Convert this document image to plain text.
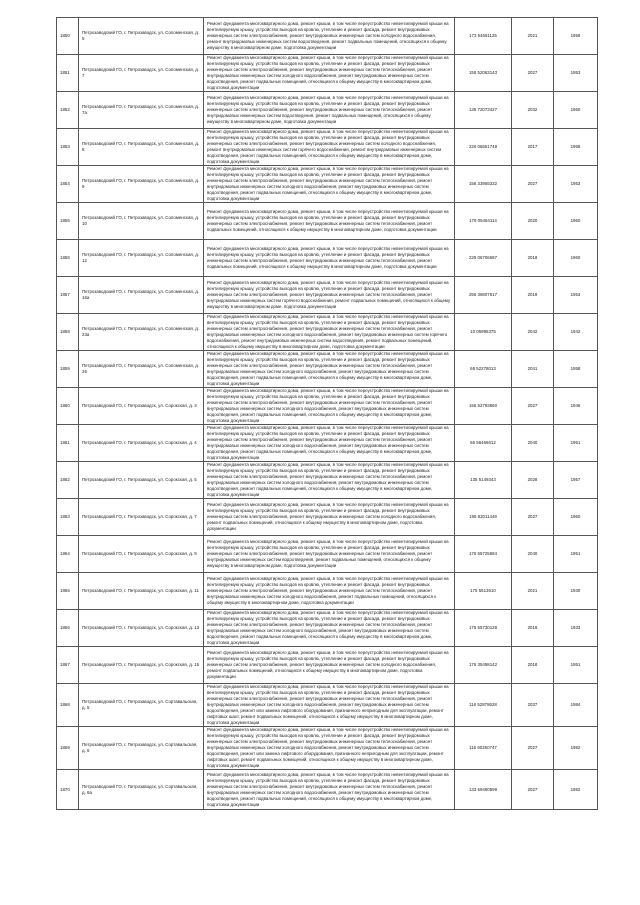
1850	Петрозаводский ГО, г. Петрозаводск, ул. Соломенская, д. 5	Ремонт фундамента многоквартирного дома, ремонт крыши, в том числе переустройство невентилируемой крыши на вентилируемую крышу, устройство выходов на кровлю, утепление и ремонт фасада, ремонт внутридомовых инженерных систем электроснабжения, ремонт внутридомовых инженерных систем холодного водоснабжения, ремонт внутридомовых инженерных систем водоотведения, ремонт подвальных помещений, относящихся к общему имуществу в многоквартирном доме, подготовка документации	173 54661125	2021	1959
1851	Петрозаводский ГО, г. Петрозаводск, ул. Соломенская, д. 7	Ремонт фундамента многоквартирного дома, ремонт крыши, в том числе переустройство невентилируемой крыши на вентилируемую крышу, устройство выходов на кровлю, утепление и ремонт фасада, ремонт внутридомовых инженерных систем электроснабжения, ремонт внутридомовых инженерных систем теплоснабжения, ремонт внутридомовых инженерных систем холодного водоснабжения, ремонт внутридомовых инженерных систем водоотведения, ремонт подвальных помещений, относящихся к общему имуществу в многоквартирном доме, подготовка документации	155 52063143	2027	1953
1852	Петрозаводский ГО, г. Петрозаводск, ул. Соломенская, д. 7а	Ремонт фундамента многоквартирного дома, ремонт крыши, в том числе переустройство невентилируемой крыши на вентилируемую крышу, устройство выходов на кровлю, утепление и ремонт фасада, ремонт внутридомовых инженерных систем электроснабжения, ремонт внутридомовых инженерных систем теплоснабжения, ремонт внутридомовых инженерных систем водоотведения, ремонт подвальных помещений, относящихся к общему имуществу в многоквартирном доме, подготовка документации	135 72073427	2032	1960
1853	Петрозаводский ГО, г. Петрозаводск, ул. Соломенская, д. 8	Ремонт фундамента многоквартирного дома, ремонт крыши, в том числе переустройство невентилируемой крыши на вентилируемую крышу, устройство выходов на кровлю, утепление и ремонт фасада, ремонт внутридомовых инженерных систем электроснабжения, ремонт внутридомовых инженерных систем холодного водоснабжения, ремонт внутридомовых инженерных систем горячего водоснабжения, ремонт внутридомовых инженерных систем водоотведения, ремонт подвальных помещений, относящихся к общему имуществу в многоквартирном доме, подготовка документации	226 06551748	2017	1958
1854	Петрозаводский ГО, г. Петрозаводск, ул. Соломенская, д. 9	Ремонт фундамента многоквартирного дома, ремонт крыши, в том числе переустройство невентилируемой крыши на вентилируемую крышу, устройство выходов на кровлю, утепление и ремонт фасада, ремонт внутридомовых инженерных систем электроснабжения, ремонт внутридомовых инженерных систем теплоснабжения, ремонт внутридомовых инженерных систем холодного водоснабжения, ремонт внутридомовых инженерных систем водоотведения, ремонт подвальных помещений, относящихся к общему имуществу в многоквартирном доме, подготовка документации	156 33955332	2027	1953
1855	Петрозаводский ГО, г. Петрозаводск, ул. Соломенская, д. 10	Ремонт фундамента многоквартирного дома, ремонт крыши, в том числе переустройство невентилируемой крыши на вентилируемую крышу, устройство выходов на кровлю, утепление и ремонт фасада, ремонт внутридомовых инженерных систем электроснабжения, ремонт внутридомовых инженерных систем теплоснабжения, ремонт подвальных помещений, относящихся к общему имуществу в многоквартирном доме, подготовка документации	176 05464114	2020	1960
1856	Петрозаводский ГО, г. Петрозаводск, ул. Соломенская, д. 12	Ремонт фундамента многоквартирного дома, ремонт крыши, в том числе переустройство невентилируемой крыши на вентилируемую крышу, устройство выходов на кровлю, утепление и ремонт фасада, ремонт внутридомовых инженерных систем электроснабжения, ремонт внутридомовых инженерных систем теплоснабжения, ремонт подвальных помещений, относящихся к общему имуществу в многоквартирном доме, подготовка документации	225 06706687	2018	1960
1857	Петрозаводский ГО, г. Петрозаводск, ул. Соломенская, д. 16а	Ремонт фундамента многоквартирного дома, ремонт крыши, в том числе переустройство невентилируемой крыши на вентилируемую крышу, устройство выходов на кровлю, утепление и ремонт фасада, ремонт внутридомовых инженерных систем электроснабжения, ремонт внутридомовых инженерных систем теплоснабжения, ремонт внутридомовых инженерных систем горячего водоснабжения, ремонт подвальных помещений, относящихся к общему имуществу в многоквартирном доме, подготовка документации	256 36807617	2019	1953
1858	Петрозаводский ГО, г. Петрозаводск, ул. Соломенская, д. 23а	Ремонт фундамента многоквартирного дома, ремонт крыши, в том числе переустройство невентилируемой крыши на вентилируемую крышу, устройство выходов на кровлю, утепление и ремонт фасада, ремонт внутридомовых инженерных систем электроснабжения, ремонт внутридомовых инженерных систем теплоснабжения, ремонт внутридомовых инженерных систем холодного водоснабжения, ремонт внутридомовых инженерных систем горячего водоснабжения, ремонт внутридомовых инженерных систем водоотведения, ремонт подвальных помещений, относящихся к общему имуществу в многоквартирном доме, подготовка документации	10 05995375	2042	1942
1859	Петрозаводский ГО, г. Петрозаводск, ул. Соломенская, д. 26	Ремонт фундамента многоквартирного дома, ремонт крыши, в том числе переустройство невентилируемой крыши на вентилируемую крышу, устройство выходов на кровлю, утепление и ремонт фасада, ремонт внутридомовых инженерных систем электроснабжения, ремонт внутридомовых инженерных систем теплоснабжения, ремонт внутридомовых инженерных систем холодного водоснабжения, ремонт внутридомовых инженерных систем водоотведения, ремонт подвальных помещений, относящихся к общему имуществу в многоквартирном доме, подготовка документации	68 52278013	2041	1958
1860	Петрозаводский ГО, г. Петрозаводск, ул. Сорокская, д. 3	Ремонт фундамента многоквартирного дома, ремонт крыши, в том числе переустройство невентилируемой крыши на вентилируемую крышу, устройство выходов на кровлю, утепление и ремонт фасада, ремонт внутридомовых инженерных систем электроснабжения, ремонт внутридомовых инженерных систем теплоснабжения, ремонт внутридомовых инженерных систем холодного водоснабжения, ремонт внутридомовых инженерных систем водоотведения, ремонт подвальных помещений, относящихся к общему имуществу в многоквартирном доме, подготовка документации	155 52793660	2027	1946
1861	Петрозаводский ГО, г. Петрозаводск, ул. Сорокская, д. 4	Ремонт фундамента многоквартирного дома, ремонт крыши, в том числе переустройство невентилируемой крыши на вентилируемую крышу, устройство выходов на кровлю, утепление и ремонт фасада, ремонт внутридомовых инженерных систем электроснабжения, ремонт внутридомовых инженерных систем теплоснабжения, ремонт внутридомовых инженерных систем холодного водоснабжения, ремонт внутридомовых инженерных систем водоотведения, ремонт подвальных помещений, относящихся к общему имуществу в многоквартирном доме, подготовка документации	66 56466612	2040	1951
1862	Петрозаводский ГО, г. Петрозаводск, ул. Сорокская, д. 5	Ремонт фундамента многоквартирного дома, ремонт крыши, в том числе переустройство невентилируемой крыши на вентилируемую крышу, устройство выходов на кровлю, утепление и ремонт фасада, ремонт внутридомовых инженерных систем электроснабжения, ремонт внутридомовых инженерных систем теплоснабжения, ремонт внутридомовых инженерных систем холодного водоснабжения, ремонт внутридомовых инженерных систем водоотведения, ремонт подвальных помещений, относящихся к общему имуществу в многоквартирном доме, подготовка документации	135 5149343	2028	1957
1863	Петрозаводский ГО, г. Петрозаводск, ул. Сорокская, д. 7	Ремонт фундамента многоквартирного дома, ремонт крыши, в том числе переустройство невентилируемой крыши на вентилируемую крышу, устройство выходов на кровлю, утепление и ремонт фасада, ремонт внутридомовых инженерных систем электроснабжения, ремонт внутридомовых инженерных систем холодного водоснабжения, ремонт подвальных помещений, относящихся к общему имуществу в многоквартирном доме, подготовка документации	195 82011449	2027	1960
1864	Петрозаводский ГО, г. Петрозаводск, ул. Сорокская, д. 9	Ремонт фундамента многоквартирного дома, ремонт крыши, в том числе переустройство невентилируемой крыши на вентилируемую крышу, устройство выходов на кровлю, утепление и ремонт фасада, ремонт внутридомовых инженерных систем электроснабжения, ремонт внутридомовых инженерных систем теплоснабжения, ремонт внутридомовых инженерных систем водоотведения, ремонт подвальных помещений, относящихся к общему имуществу в многоквартирном доме, подготовка документации	176 55725684	2040	1951
1865	Петрозаводский ГО, г. Петрозаводск, ул. Сорокская, д. 11	Ремонт фундамента многоквартирного дома, ремонт крыши, в том числе переустройство невентилируемой крыши на вентилируемую крышу, устройство выходов на кровлю, утепление и ремонт фасада, ремонт внутридомовых инженерных систем электроснабжения, ремонт внутридомовых инженерных систем теплоснабжения, ремонт внутридомовых инженерных систем холодного водоснабжения, ремонт подвальных помещений, относящихся к общему имуществу в многоквартирном доме, подготовка документации	175 5513610	2021	1930
1866	Петрозаводский ГО, г. Петрозаводск, ул. Сорокская, д. 13	Ремонт фундамента многоквартирного дома, ремонт крыши, в том числе переустройство невентилируемой крыши на вентилируемую крышу, устройство выходов на кровлю, утепление и ремонт фасада, ремонт внутридомовых инженерных систем электроснабжения, ремонт внутридомовых инженерных систем теплоснабжения, ремонт внутридомовых инженерных систем холодного водоснабжения, ремонт внутридомовых инженерных систем водоотведения, ремонт подвальных помещений, относящихся к общему имуществу в многоквартирном доме, подготовка документации	175 55730128	2018	1933
1867	Петрозаводский ГО, г. Петрозаводск, ул. Сорокская, д. 15	Ремонт фундамента многоквартирного дома, ремонт крыши, в том числе переустройство невентилируемой крыши на вентилируемую крышу, устройство выходов на кровлю, утепление и ремонт фасада, ремонт внутридомовых инженерных систем электроснабжения, ремонт внутридомовых инженерных систем холодного водоснабжения, ремонт подвальных помещений, относящихся к общему имуществу в многоквартирном доме, подготовка документации	176 35498142	2018	1951
1868	Петрозаводский ГО, г. Петрозаводск, ул. Сортавальская, д. 5	Ремонт фундамента многоквартирного дома, ремонт крыши, в том числе переустройство невентилируемой крыши на вентилируемую крышу, устройство выходов на кровлю, утепление и ремонт фасада, ремонт внутридомовых инженерных систем электроснабжения, ремонт внутридомовых инженерных систем теплоснабжения, ремонт внутридомовых инженерных систем холодного водоснабжения, ремонт внутридомовых инженерных систем водоотведения, ремонт или замена лифтового оборудования, признанного непригодным для эксплуатации, ремонт лифтовых шахт, ремонт подвальных помещений, относящихся к общему имуществу в многоквартирном доме, подготовка документации	116 52878628	2037	1984
1869	Петрозаводский ГО, г. Петрозаводск, ул. Сортавальская, д. 6	Ремонт фундамента многоквартирного дома, ремонт крыши, в том числе переустройство невентилируемой крыши на вентилируемую крышу, устройство выходов на кровлю, утепление и ремонт фасада, ремонт внутридомовых инженерных систем электроснабжения, ремонт внутридомовых инженерных систем теплоснабжения, ремонт внутридомовых инженерных систем холодного водоснабжения, ремонт внутридомовых инженерных систем водоотведения, ремонт или замена лифтового оборудования, признанного непригодным для эксплуатации, ремонт лифтовых шахт, ремонт подвальных помещений, относящихся к общему имуществу в многоквартирном доме, подготовка документации	116 60260747	2027	1982
1870	Петрозаводский ГО, г. Петрозаводск, ул. Сортавальская, д. 8а	Ремонт фундамента многоквартирного дома, ремонт крыши, в том числе переустройство невентилируемой крыши на вентилируемую крышу, устройство выходов на кровлю, утепление и ремонт фасада, ремонт внутридомовых инженерных систем электроснабжения, ремонт внутридомовых инженерных систем теплоснабжения, ремонт внутридомовых инженерных систем холодного водоснабжения, ремонт внутридомовых инженерных систем водоотведения, ремонт подвальных помещений, относящихся к общему имуществу в многоквартирном доме, подготовка документации	133 59490599	2027	1982
